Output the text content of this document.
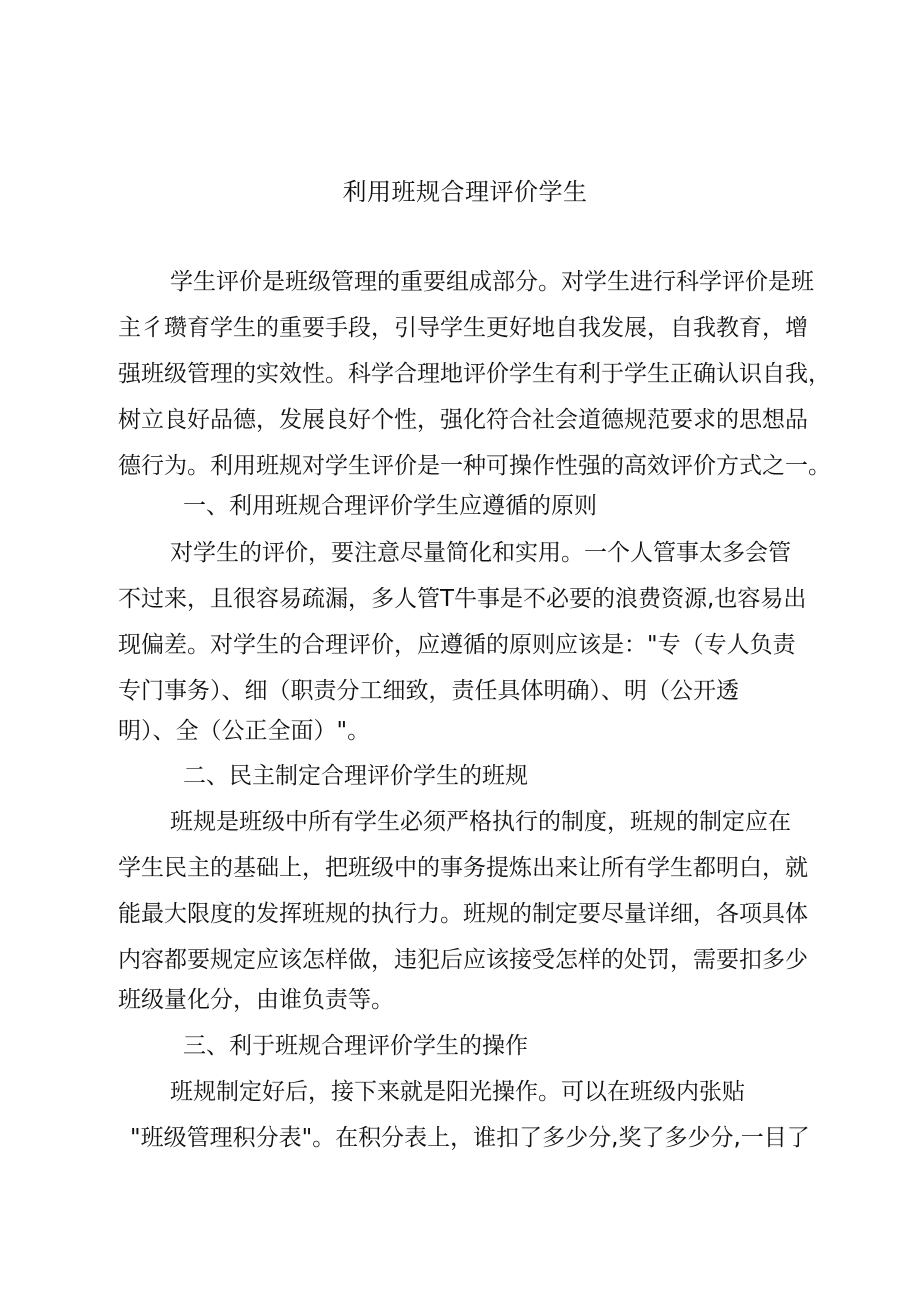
利用班规合理评价学生
学生评价是班级管理的重要组成部分。对学生进行科学评价是班
主彳瓒育学生的重要手段，引导学生更好地自我发展，自我教育，增
强班级管理的实效性。科学合理地评价学生有利于学生正确认识自我，
树立良好品德，发展良好个性，强化符合社会道德规范要求的思想品
德行为。利用班规对学生评价是一种可操作性强的高效评价方式之一。
一、利用班规合理评价学生应遵循的原则
对学生的评价，要注意尽量简化和实用。一个人管事太多会管
不过来，且很容易疏漏，多人管T牛事是不必要的浪费资源,也容易出
现偏差。对学生的合理评价，应遵循的原则应该是："专（专人负责
专门事务）、细（职责分工细致，责任具体明确）、明（公开透
明）、全（公正全面）"。
二、民主制定合理评价学生的班规
班规是班级中所有学生必须严格执行的制度，班规的制定应在
学生民主的基础上，把班级中的事务提炼出来让所有学生都明白，就
能最大限度的发挥班规的执行力。班规的制定要尽量详细，各项具体
内容都要规定应该怎样做，违犯后应该接受怎样的处罚，需要扣多少
班级量化分，由谁负责等。
三、利于班规合理评价学生的操作
班规制定好后，接下来就是阳光操作。可以在班级内张贴
"班级管理积分表"。在积分表上，谁扣了多少分,奖了多少分,一目了
